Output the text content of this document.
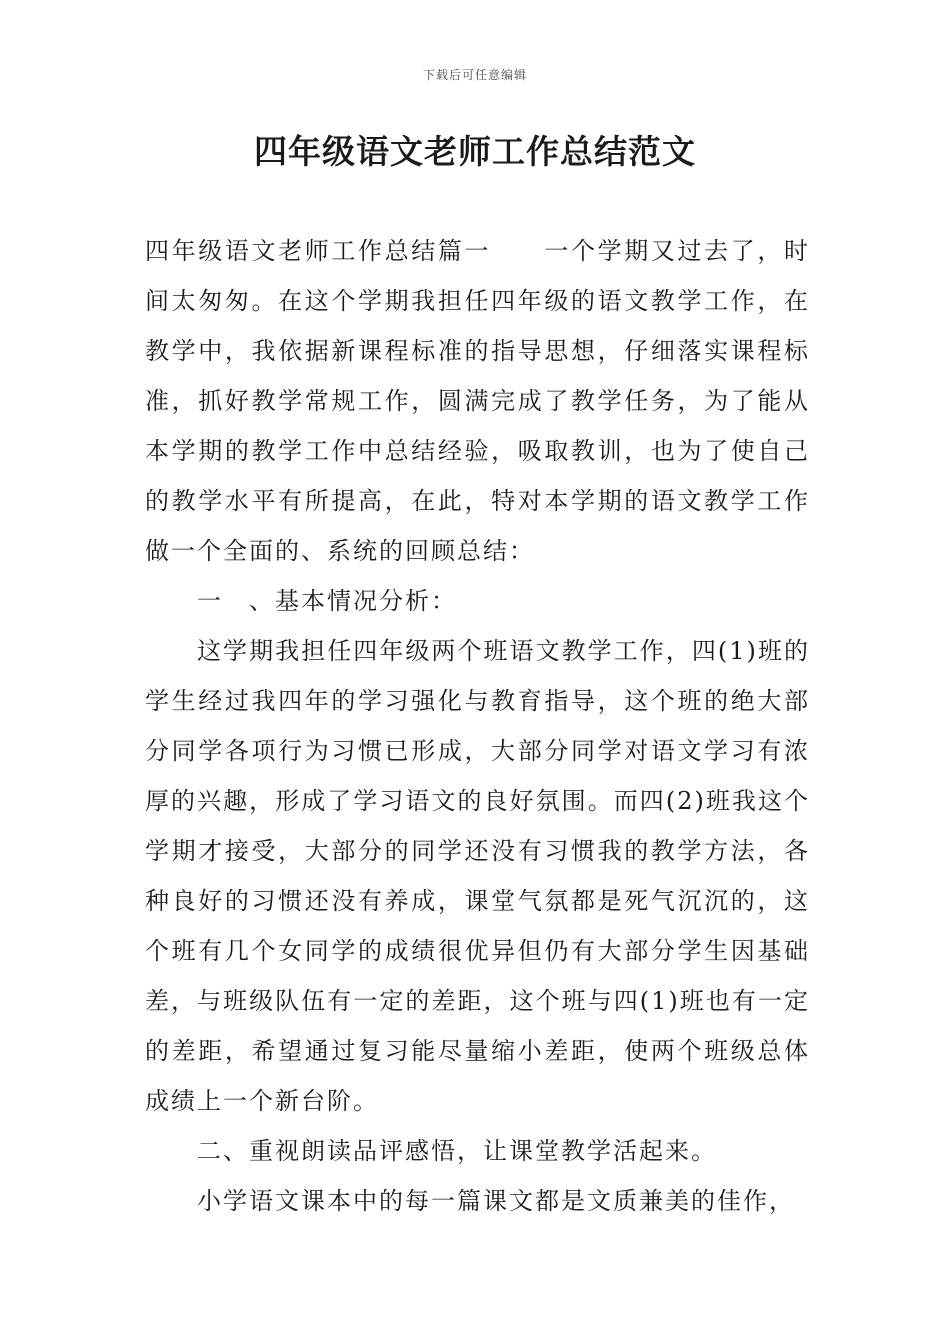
下载后可任意编辑
四年级语文老师工作总结范文

四年级语文老师工作总结篇一　　一个学期又过去了，时间太匆匆。在这个学期我担任四年级的语文教学工作，在教学中，我依据新课程标准的指导思想，仔细落实课程标准，抓好教学常规工作，圆满完成了教学任务，为了能从本学期的教学工作中总结经验，吸取教训，也为了使自己的教学水平有所提高，在此，特对本学期的语文教学工作做一个全面的、系统的回顾总结：

一　、基本情况分析：

这学期我担任四年级两个班语文教学工作，四(1)班的学生经过我四年的学习强化与教育指导，这个班的绝大部分同学各项行为习惯已形成，大部分同学对语文学习有浓厚的兴趣，形成了学习语文的良好氛围。而四(2)班我这个学期才接受，大部分的同学还没有习惯我的教学方法，各种良好的习惯还没有养成，课堂气氛都是死气沉沉的，这个班有几个女同学的成绩很优异但仍有大部分学生因基础差，与班级队伍有一定的差距，这个班与四(1)班也有一定的差距，希望通过复习能尽量缩小差距，使两个班级总体成绩上一个新台阶。

二、重视朗读品评感悟，让课堂教学活起来。

小学语文课本中的每一篇课文都是文质兼美的佳作，
